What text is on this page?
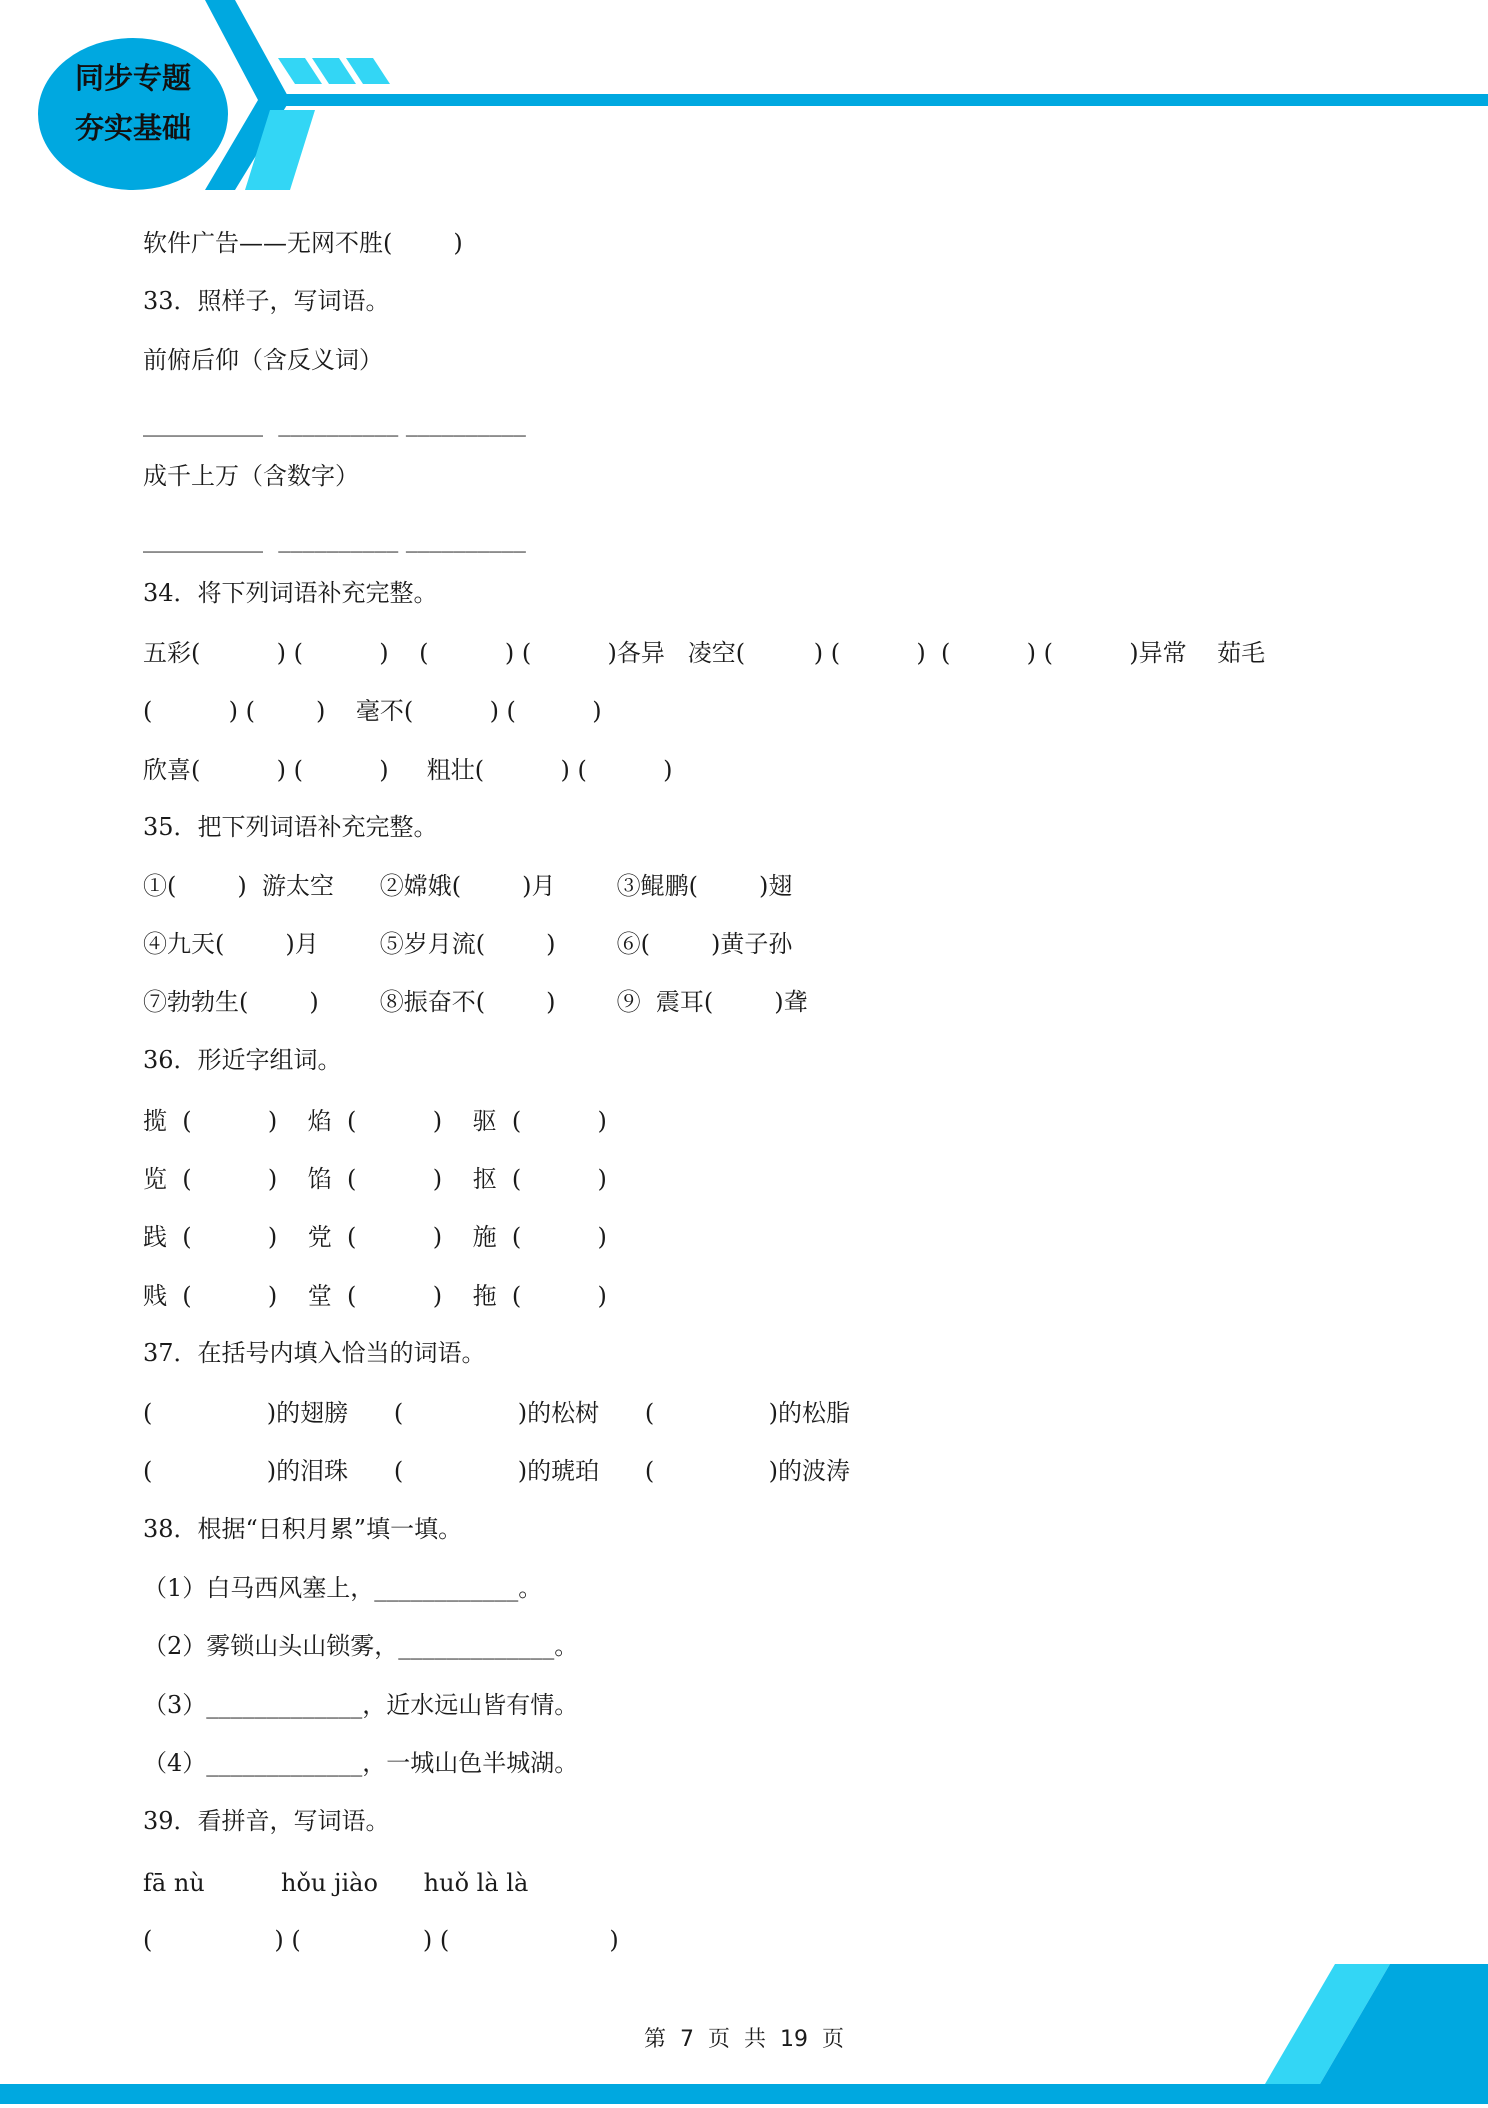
同步专题
夯实基础
软件广告——无网不胜(        )
33．照样子，写词语。
前俯后仰（含反义词）
__________  __________ __________
成千上万（含数字）
__________  __________ __________
34．将下列词语补充完整。
五彩(          ) (          )    (          ) (          )各异   凌空(         ) (          )  (          ) (          )异常    茹毛
(          ) (        )    毫不(          ) (          )
欣喜(          ) (          )     粗壮(          ) (          )
35．把下列词语补充完整。
①(        )  游太空      ②嫦娥(        )月        ③鲲鹏(        )翅
④九天(        )月        ⑤岁月流(        )        ⑥(        )黄子孙
⑦勃勃生(        )        ⑧振奋不(        )        ⑨  震耳(        )聋
36．形近字组词。
揽  (          )    焰  (          )    驱  (          )
览  (          )    馅  (          )    抠  (          )
践  (          )    党  (          )    施  (          )
贱  (          )    堂  (          )    拖  (          )
37．在括号内填入恰当的词语。
(               )的翅膀      (               )的松树      (               )的松脂
(               )的泪珠      (               )的琥珀      (               )的波涛
38．根据“日积月累”填一填。
（1）白马西风塞上，____________。
（2）雾锁山头山锁雾，_____________。
（3）_____________，近水远山皆有情。
（4）_____________，一城山色半城湖。
39．看拼音，写词语。
fā nù          hǒu jiào      huǒ là là
(                ) (                ) (                     )
第  7  页  共  19  页
